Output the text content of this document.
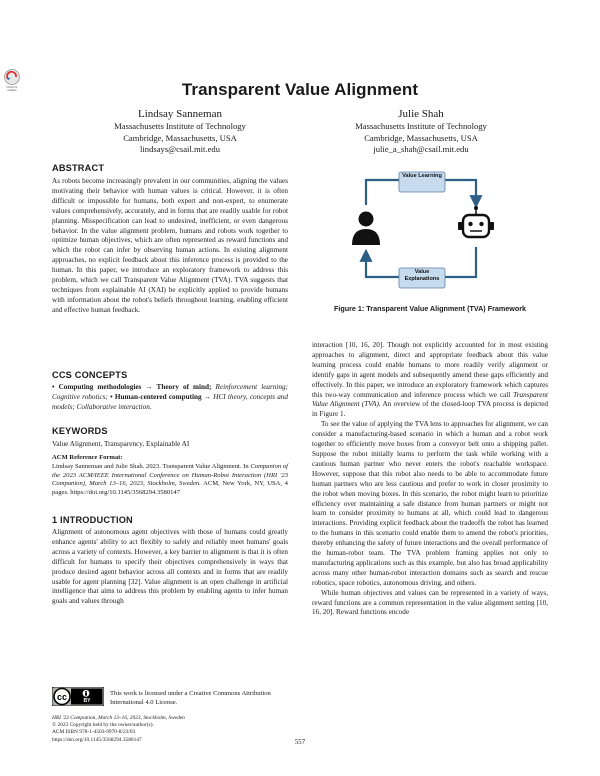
Check for updates	Transparent Value Alignment
Lindsay Sanneman
Massachusetts Institute of Technology
Cambridge, Massachusetts, USA
lindsays@csail.mit.edu
Julie Shah
Massachusetts Institute of Technology
Cambridge, Massachusetts, USA
julie_a_shah@csail.mit.edu
ABSTRACT

As robots become increasingly prevalent in our communities, aligning the values motivating their behavior with human values is critical. However, it is often difficult or impossible for humans, both expert and non-expert, to enumerate values comprehensively, accurately, and in forms that are readily usable for robot planning. Misspecification can lead to undesired, inefficient, or even dangerous behavior. In the value alignment problem, humans and robots work together to optimize human objectives, which are often represented as reward functions and which the robot can infer by observing human actions. In existing alignment approaches, no explicit feedback about this inference process is provided to the human. In this paper, we introduce an exploratory framework to address this problem, which we call Transparent Value Alignment (TVA). TVA suggests that techniques from explainable AI (XAI) be explicitly applied to provide humans with information about the robot's beliefs throughout learning, enabling efficient and effective human feedback.

CCS CONCEPTS

• Computing methodologies → Theory of mind; Reinforcement learning; Cognitive robotics; • Human-centered computing → HCI theory, concepts and models; Collaborative interaction.

KEYWORDS
Value Alignment, Transparency, Explainable AI

ACM Reference Format:

Lindsay Sanneman and Julie Shah. 2023. Transparent Value Alignment. In Companion of the 2023 ACM/IEEE International Conference on Human-Robot Interaction (HRI '23 Companion), March 13–16, 2023, Stockholm, Sweden. ACM, New York, NY, USA, 4 pages. https://doi.org/10.1145/3568294.3580147

1 INTRODUCTION

Alignment of autonomous agent objectives with those of humans could greatly enhance agents' ability to act flexibly to safely and reliably meet humans' goals across a variety of contexts. However, a key barrier to alignment is that it is often difficult for humans to specify their objectives comprehensively in ways that produce desired agent behavior across all contexts and in forms that are readily usable for agent planning [32]. Value alignment is an open challenge in artificial intelligence that aims to address this problem by enabling agents to infer human goals and values through

cc	BY
This work is licensed under a Creative Commons Attribution International 4.0 License.
HRI '23 Companion, March 13–16, 2023, Stockholm, Sweden
© 2023 Copyright held by the owner/author(s).
ACM ISBN 978-1-4503-9970-8/23/03.
https://doi.org/10.1145/3568294.3580147
Value Learning
Value Explanations
Figure 1: Transparent Value Alignment (TVA) Framework

interaction [10, 16, 20]. Though not explicitly accounted for in most existing approaches to alignment, direct and appropriate feedback about this value learning process could enable humans to more readily verify alignment or identify gaps in agent models and subsequently amend these gaps efficiently and effectively. In this paper, we introduce an exploratory framework which captures this two-way communication and inference process which we call Transparent Value Alignment (TVA). An overview of the closed-loop TVA process is depicted in Figure 1.

To see the value of applying the TVA lens to approaches for alignment, we can consider a manufacturing-based scenario in which a human and a robot work together to efficiently move boxes from a conveyor belt onto a shipping pallet. Suppose the robot initially learns to perform the task while working with a cautious human partner who never enters the robot's reachable workspace. However, suppose that this robot also needs to be able to accommodate future human partners who are less cautious and prefer to work in closer proximity to the robot when moving boxes. In this scenario, the robot might learn to prioritize efficiency over maintaining a safe distance from human partners or might not learn to consider proximity to humans at all, which could lead to dangerous interactions. Providing explicit feedback about the tradeoffs the robot has learned to the humans in this scenario could enable them to amend the robot's priorities, thereby enhancing the safety of future interactions and the overall performance of the human-robot team. The TVA problem framing applies not only to manufacturing applications such as this example, but also has broad applicability across many other human-robot interaction domains such as search and rescue robotics, space robotics, autonomous driving, and others.

While human objectives and values can be represented in a variety of ways, reward functions are a common representation in the value alignment setting [10, 16, 20]. Reward functions encode

557
